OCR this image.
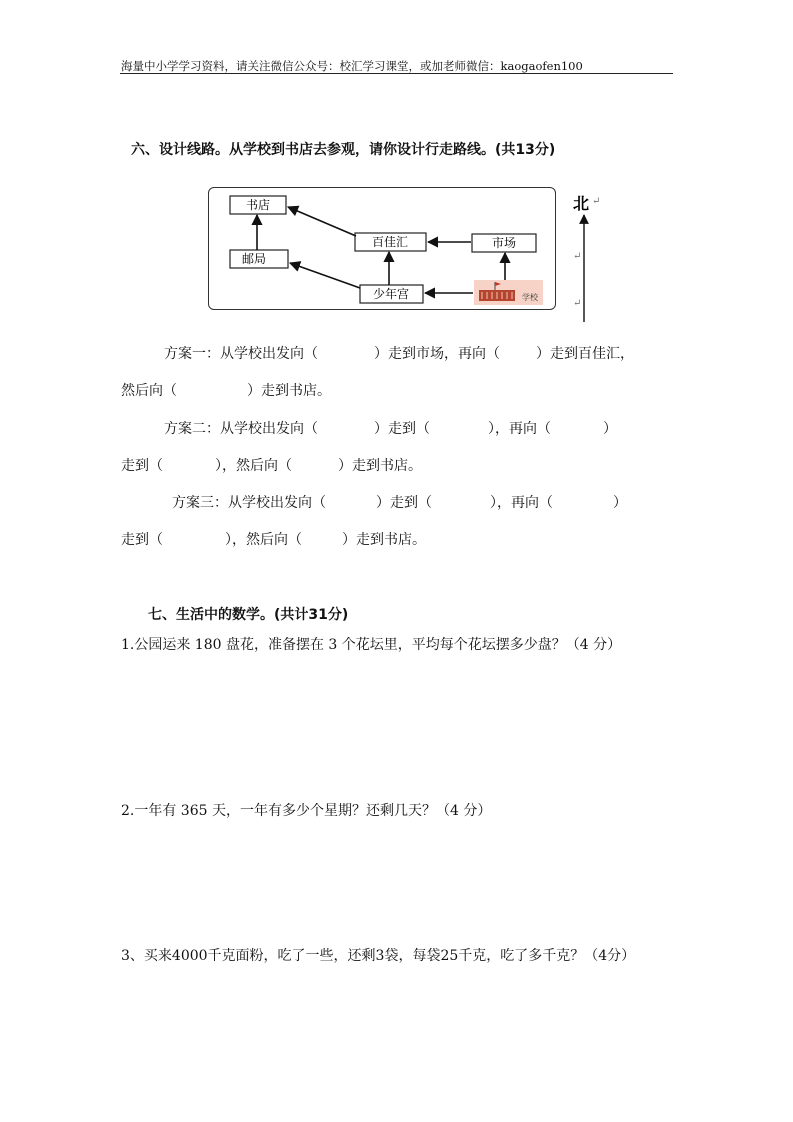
海量中小学学习资料，请关注微信公众号：校汇学习课堂，或加老师微信：kaogaofen100
六、设计线路。从学校到书店去参观，请你设计行走路线。(共13分)
书店
邮局
百佳汇	市场
少年宫	学校
北 ↵
↵
↵
方案一：从学校出发向（	）走到市场，再向（	）走到百佳汇，
然后向（	）走到书店。
方案二：从学校出发向（	）走到（	），再向（	）
走到（	），然后向（	）走到书店。
方案三：从学校出发向（	）走到（	），再向（	）
走到（	），然后向（	）走到书店。
七、生活中的数学。(共计31分)
1.公园运来 180 盘花，准备摆在 3 个花坛里，平均每个花坛摆多少盘？（4 分）
2.一年有 365 天，一年有多少个星期？还剩几天？（4 分）
3、买来4000千克面粉，吃了一些，还剩3袋，每袋25千克，吃了多千克？（4分）
